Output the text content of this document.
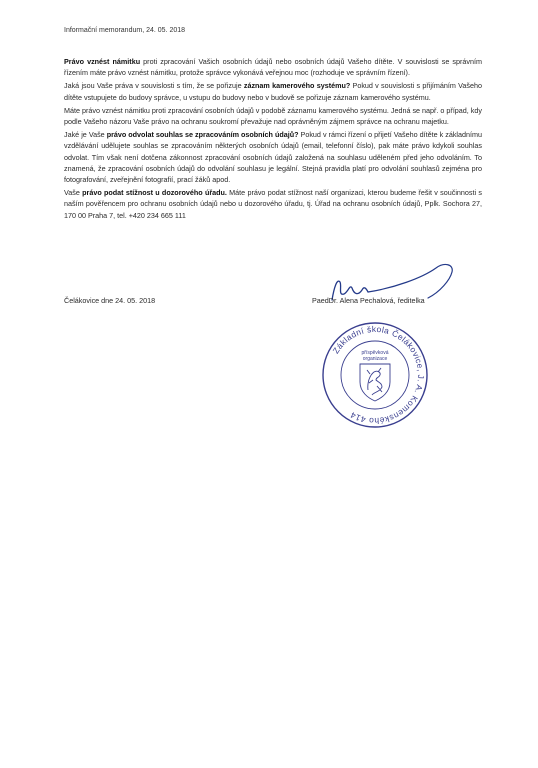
Informační memorandum, 24. 05. 2018

Právo vznést námitku proti zpracování Vašich osobních údajů nebo osobních údajů Vašeho dítěte. V souvislosti se správním řízením máte právo vznést námitku, protože správce vykonává veřejnou moc (rozhoduje ve správním řízení).

Jaká jsou Vaše práva v souvislosti s tím, že se pořizuje záznam kamerového systému? Pokud v souvislosti s přijímáním Vašeho dítěte vstupujete do budovy správce, u vstupu do budovy nebo v budově se pořizuje záznam kamerového systému.

Máte právo vznést námitku proti zpracování osobních údajů v podobě záznamu kamerového systému. Jedná se např. o případ, kdy podle Vašeho názoru Vaše právo na ochranu soukromí převažuje nad oprávněným zájmem správce na ochranu majetku.

Jaké je Vaše právo odvolat souhlas se zpracováním osobních údajů? Pokud v rámci řízení o přijetí Vašeho dítěte k základnímu vzdělávání udělujete souhlas se zpracováním některých osobních údajů (email, telefonní číslo), pak máte právo kdykoli souhlas odvolat. Tím však není dotčena zákonnost zpracování osobních údajů založená na souhlasu uděleném před jeho odvoláním. To znamená, že zpracování osobních údajů do odvolání souhlasu je legální. Stejná pravidla platí pro odvolání souhlasů zejména pro fotografování, zveřejnění fotografií, prací žáků apod.

Vaše právo podat stížnost u dozorového úřadu. Máte právo podat stížnost naší organizaci, kterou budeme řešit v součinnosti s naším pověřencem pro ochranu osobních údajů nebo u dozorového úřadu, tj. Úřad na ochranu osobních údajů, Pplk. Sochora 27, 170 00 Praha 7, tel. +420 234 665 111

Čelákovice dne 24. 05. 2018	PaedDr. Alena Pechalová, ředitelka
Základní škola Čelákovice, J. A. Komenského 414
příspěvková
organizace
